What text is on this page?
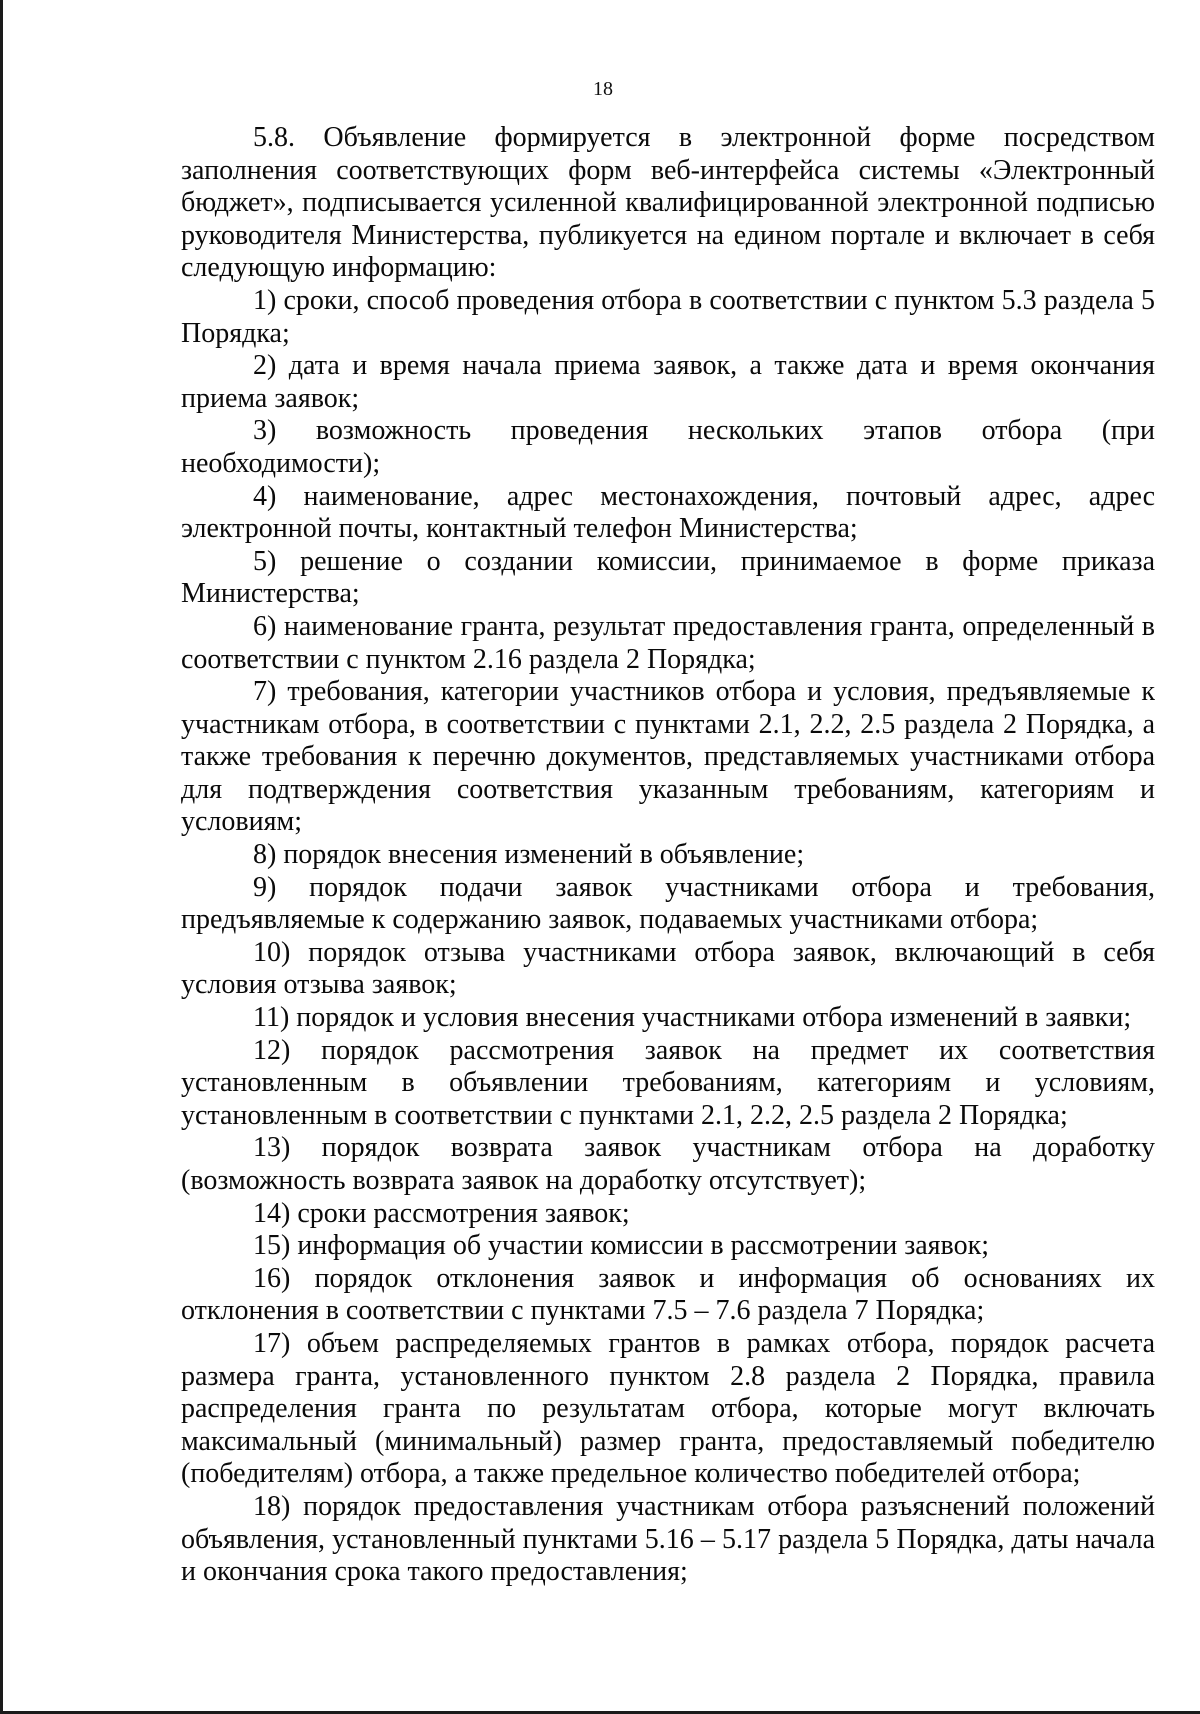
18

5.8. Объявление формируется в электронной форме посредством заполнения соответствующих форм веб-интерфейса системы «Электронный бюджет», подписывается усиленной квалифицированной электронной подписью руководителя Министерства, публикуется на едином портале и включает в себя следующую информацию:

1) сроки, способ проведения отбора в соответствии с пунктом 5.3 раздела 5 Порядка;

2) дата и время начала приема заявок, а также дата и время окончания приема заявок;

3) возможность проведения нескольких этапов отбора (при необходимости);

4) наименование, адрес местонахождения, почтовый адрес, адрес электронной почты, контактный телефон Министерства;

5) решение о создании комиссии, принимаемое в форме приказа Министерства;

6) наименование гранта, результат предоставления гранта, определенный в соответствии с пунктом 2.16 раздела 2 Порядка;

7) требования, категории участников отбора и условия, предъявляемые к участникам отбора, в соответствии с пунктами 2.1, 2.2, 2.5 раздела 2 Порядка, а также требования к перечню документов, представляемых участниками отбора для подтверждения соответствия указанным требованиям, категориям и условиям;

8) порядок внесения изменений в объявление;

9) порядок подачи заявок участниками отбора и требования, предъявляемые к содержанию заявок, подаваемых участниками отбора;

10) порядок отзыва участниками отбора заявок, включающий в себя условия отзыва заявок;

11) порядок и условия внесения участниками отбора изменений в заявки;

12) порядок рассмотрения заявок на предмет их соответствия установленным в объявлении требованиям, категориям и условиям, установленным в соответствии с пунктами 2.1, 2.2, 2.5 раздела 2 Порядка;

13) порядок возврата заявок участникам отбора на доработку (возможность возврата заявок на доработку отсутствует);

14) сроки рассмотрения заявок;

15) информация об участии комиссии в рассмотрении заявок;

16) порядок отклонения заявок и информация об основаниях их отклонения в соответствии с пунктами 7.5 – 7.6 раздела 7 Порядка;

17) объем распределяемых грантов в рамках отбора, порядок расчета размера гранта, установленного пунктом 2.8 раздела 2 Порядка, правила распределения гранта по результатам отбора, которые могут включать максимальный (минимальный) размер гранта, предоставляемый победителю (победителям) отбора, а также предельное количество победителей отбора;

18) порядок предоставления участникам отбора разъяснений положений объявления, установленный пунктами 5.16 – 5.17 раздела 5 Порядка, даты начала и окончания срока такого предоставления;
